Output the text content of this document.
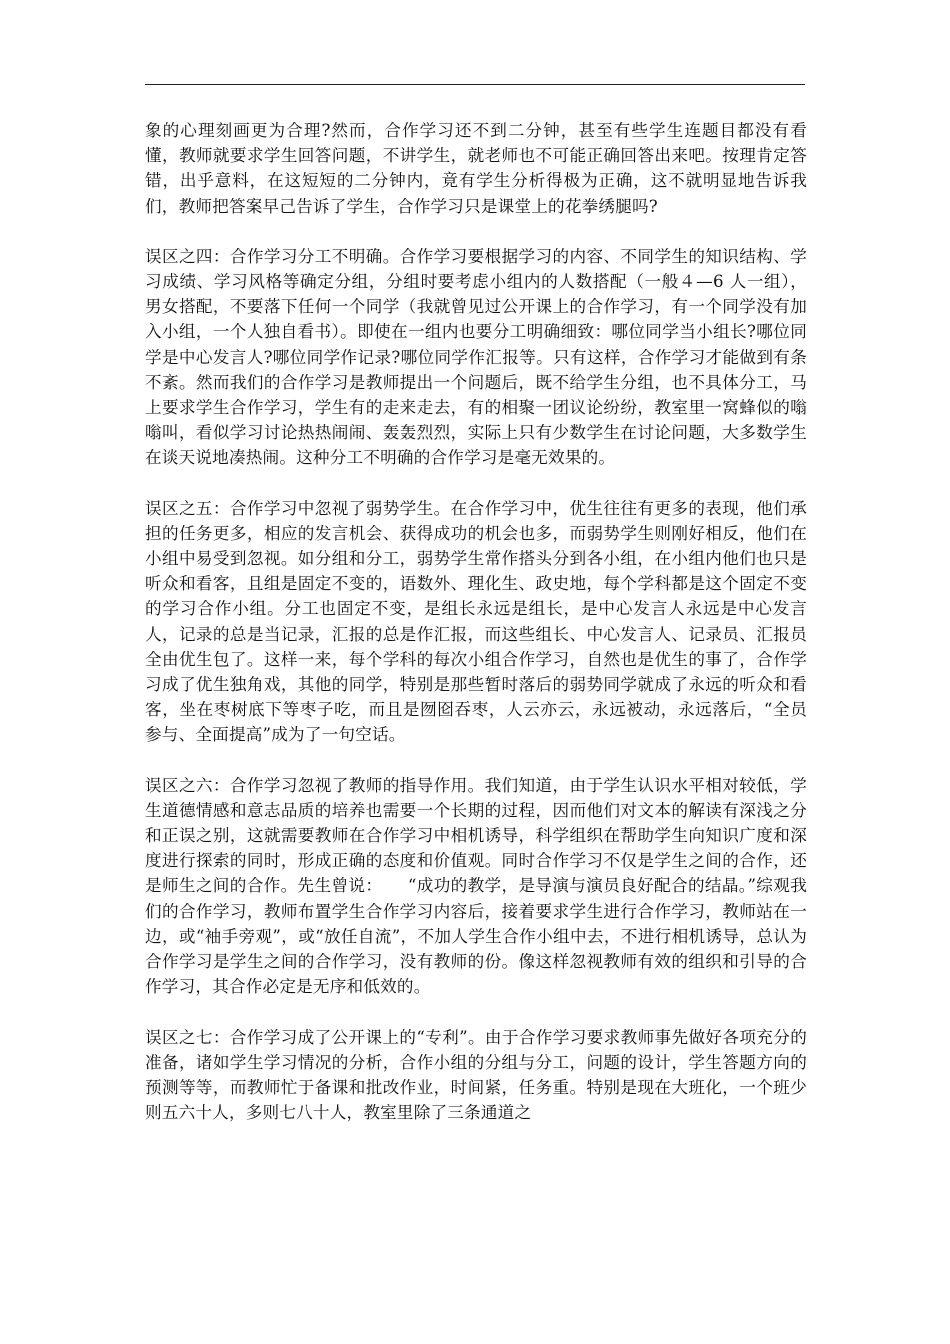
象的心理刻画更为合理?然而，合作学习还不到二分钟，甚至有些学生连题目都没有看懂，教师就要求学生回答问题，不讲学生，就老师也不可能正确回答出来吧。按理肯定答错，出乎意料，在这短短的二分钟内，竟有学生分析得极为正确，这不就明显地告诉我们，教师把答案早己告诉了学生，合作学习只是课堂上的花拳绣腿吗?

误区之四：合作学习分工不明确。合作学习要根据学习的内容、不同学生的知识结构、学习成绩、学习风格等确定分组，分组时要考虑小组内的人数搭配（一般４—6 人一组），男女搭配，不要落下任何一个同学（我就曾见过公开课上的合作学习，有一个同学没有加入小组，一个人独自看书）。即使在一组内也要分工明确细致：哪位同学当小组长?哪位同学是中心发言人?哪位同学作记录?哪位同学作汇报等。只有这样，合作学习才能做到有条不紊。然而我们的合作学习是教师提出一个问题后，既不给学生分组，也不具体分工，马上要求学生合作学习，学生有的走来走去，有的相聚一团议论纷纷，教室里一窝蜂似的嗡嗡叫，看似学习讨论热热闹闹、轰轰烈烈，实际上只有少数学生在讨论问题，大多数学生在谈天说地凑热闹。这种分工不明确的合作学习是毫无效果的。

误区之五：合作学习中忽视了弱势学生。在合作学习中，优生往往有更多的表现，他们承担的任务更多，相应的发言机会、获得成功的机会也多，而弱势学生则刚好相反，他们在小组中易受到忽视。如分组和分工，弱势学生常作搭头分到各小组，在小组内他们也只是听众和看客，且组是固定不变的，语数外、理化生、政史地，每个学科都是这个固定不变的学习合作小组。分工也固定不变，是组长永远是组长，是中心发言人永远是中心发言人，记录的总是当记录，汇报的总是作汇报，而这些组长、中心发言人、记录员、汇报员全由优生包了。这样一来，每个学科的每次小组合作学习，自然也是优生的事了，合作学习成了优生独角戏，其他的同学，特别是那些暂时落后的弱势同学就成了永远的听众和看客，坐在枣树底下等枣子吃，而且是囫囵吞枣，人云亦云，永远被动，永远落后，“全员参与、全面提高”成为了一句空话。

误区之六：合作学习忽视了教师的指导作用。我们知道，由于学生认识水平相对较低，学生道德情感和意志品质的培养也需要一个长期的过程，因而他们对文本的解读有深浅之分和正误之别，这就需要教师在合作学习中相机诱导，科学组织在帮助学生向知识广度和深度进行探索的同时，形成正确的态度和价值观。同时合作学习不仅是学生之间的合作，还是师生之间的合作。先生曾说：　　“成功的教学，是导演与演员良好配合的结晶。”综观我们的合作学习，教师布置学生合作学习内容后，接着要求学生进行合作学习，教师站在一边，或“袖手旁观”，或“放任自流”，不加人学生合作小组中去，不进行相机诱导，总认为合作学习是学生之间的合作学习，没有教师的份。像这样忽视教师有效的组织和引导的合作学习，其合作必定是无序和低效的。

误区之七：合作学习成了公开课上的“专利”。由于合作学习要求教师事先做好各项充分的准备，诸如学生学习情况的分析，合作小组的分组与分工，问题的设计，学生答题方向的预测等等，而教师忙于备课和批改作业，时间紧，任务重。特别是现在大班化，一个班少则五六十人，多则七八十人，教室里除了三条通道之
